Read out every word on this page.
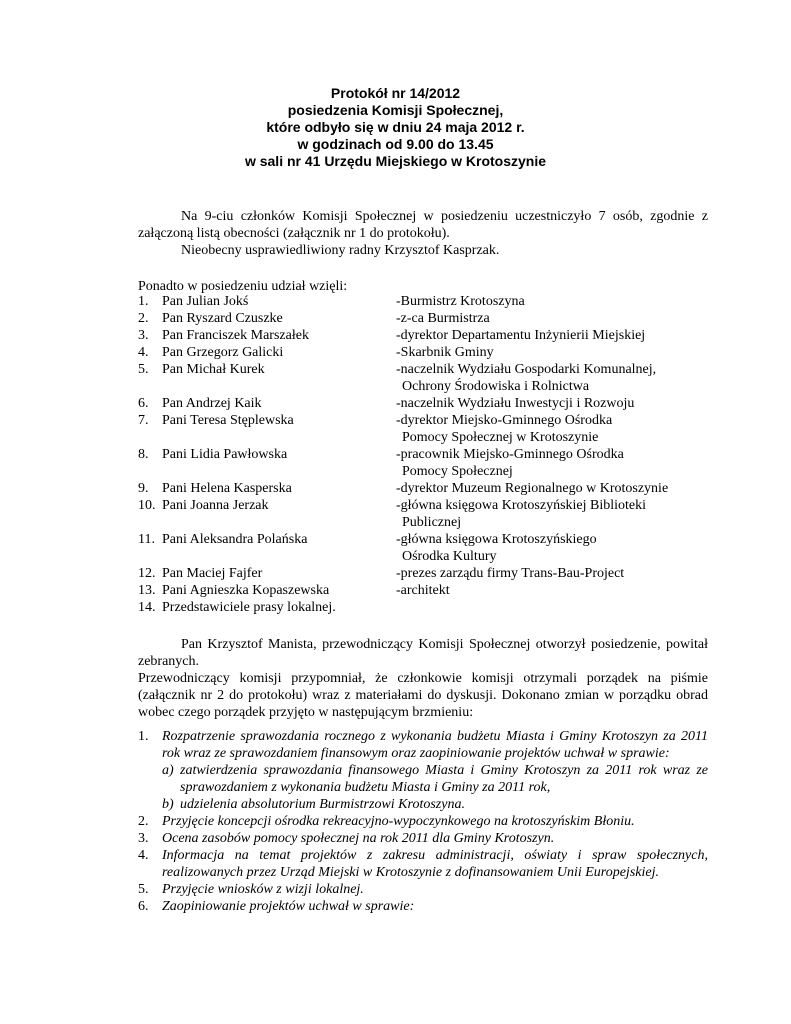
Protokół nr 14/2012
posiedzenia Komisji Społecznej,
które odbyło się w dniu 24 maja 2012 r.
w godzinach od 9.00 do 13.45
w sali nr 41 Urzędu Miejskiego w Krotoszynie

Na 9-ciu członków Komisji Społecznej w posiedzeniu uczestniczyło 7 osób, zgodnie z załączoną listą obecności (załącznik nr 1 do protokołu).

Nieobecny usprawiedliwiony radny Krzysztof Kasprzak.

Ponadto w posiedzeniu udział wzięli:
1. Pan Julian Jokś	-Burmistrz Krotoszyna
2. Pan Ryszard Czuszke	-z-ca Burmistrza
3. Pan Franciszek Marszałek	-dyrektor Departamentu Inżynierii Miejskiej
4. Pan Grzegorz Galicki	-Skarbnik Gminy
5. Pan Michał Kurek	-naczelnik Wydziału Gospodarki Komunalnej,
Ochrony Środowiska i Rolnictwa
6. Pan Andrzej Kaik	-naczelnik Wydziału Inwestycji i Rozwoju
7. Pani Teresa Stęplewska	-dyrektor Miejsko-Gminnego Ośrodka
Pomocy Społecznej w Krotoszynie
8. Pani Lidia Pawłowska	-pracownik Miejsko-Gminnego Ośrodka
Pomocy Społecznej
9. Pani Helena Kasperska	-dyrektor Muzeum Regionalnego w Krotoszynie
10. Pani Joanna Jerzak	-główna księgowa Krotoszyńskiej Biblioteki
Publicznej
11. Pani Aleksandra Polańska	-główna księgowa Krotoszyńskiego
Ośrodka Kultury
12. Pan Maciej Fajfer	-prezes zarządu firmy Trans-Bau-Project
13. Pani Agnieszka Kopaszewska	-architekt
14. Przedstawiciele prasy lokalnej.

Pan Krzysztof Manista, przewodniczący Komisji Społecznej otworzył posiedzenie, powitał zebranych.

Przewodniczący komisji przypomniał, że członkowie komisji otrzymali porządek na piśmie (załącznik nr 2 do protokołu) wraz z materiałami do dyskusji. Dokonano zmian w porządku obrad wobec czego porządek przyjęto w następującym brzmieniu:

1. Rozpatrzenie sprawozdania rocznego z wykonania budżetu Miasta i Gminy Krotoszyn za 2011 rok wraz ze sprawozdaniem finansowym oraz zaopiniowanie projektów uchwał w sprawie:
a) zatwierdzenia sprawozdania finansowego Miasta i Gminy Krotoszyn za 2011 rok wraz ze sprawozdaniem z wykonania budżetu Miasta i Gminy za 2011 rok,
b) udzielenia absolutorium Burmistrzowi Krotoszyna.
2. Przyjęcie koncepcji ośrodka rekreacyjno-wypoczynkowego na krotoszyńskim Błoniu.
3. Ocena zasobów pomocy społecznej na rok 2011 dla Gminy Krotoszyn.
4. Informacja na temat projektów z zakresu administracji, oświaty i spraw społecznych, realizowanych przez Urząd Miejski w Krotoszynie z dofinansowaniem Unii Europejskiej.
5. Przyjęcie wniosków z wizji lokalnej.
6. Zaopiniowanie projektów uchwał w sprawie:
